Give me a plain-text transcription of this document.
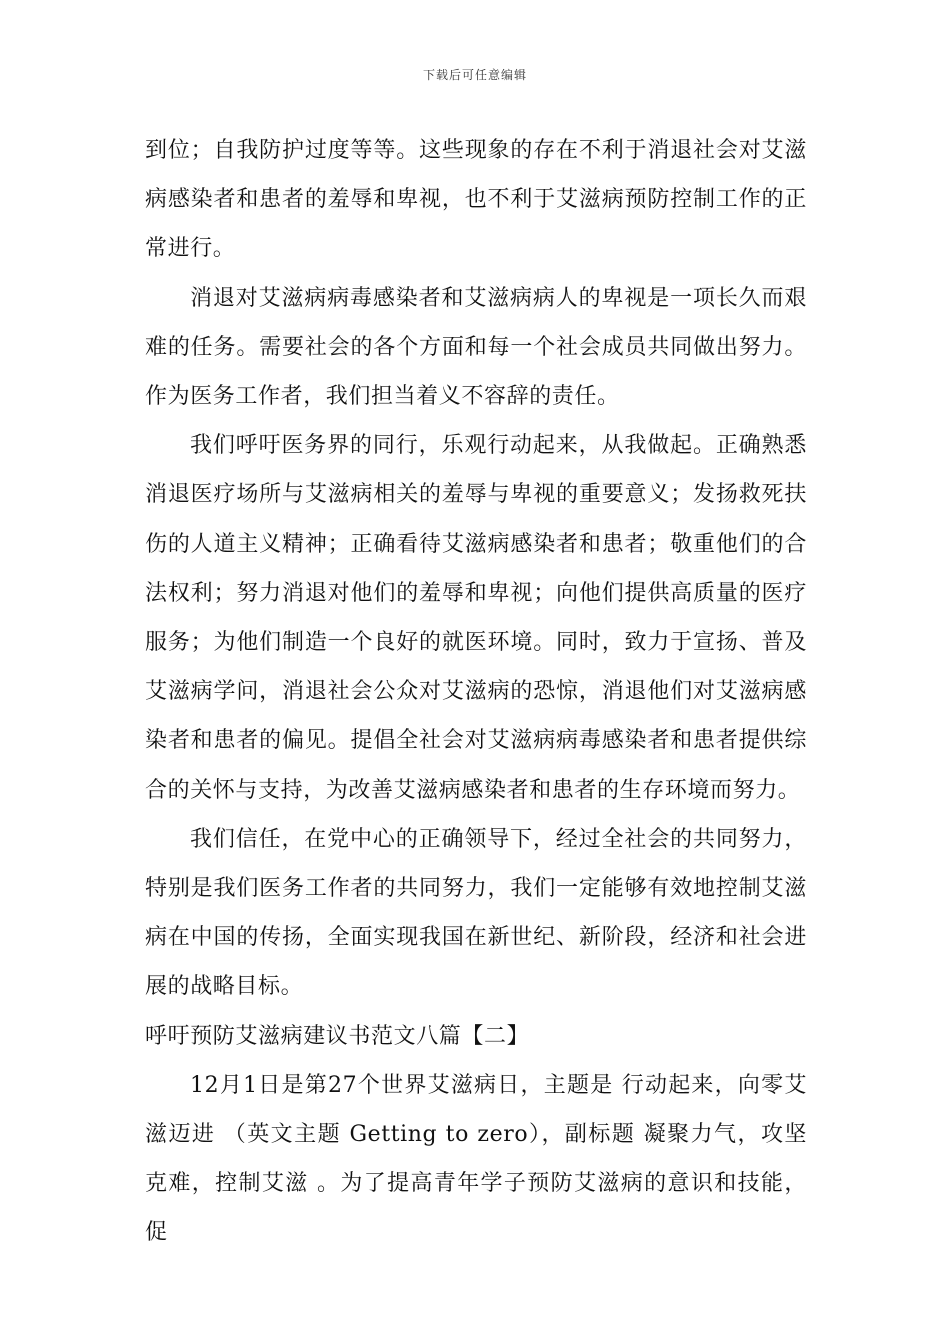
下载后可任意编辑

到位；自我防护过度等等。这些现象的存在不利于消退社会对艾滋病感染者和患者的羞辱和卑视，也不利于艾滋病预防控制工作的正常进行。

消退对艾滋病病毒感染者和艾滋病病人的卑视是一项长久而艰难的任务。需要社会的各个方面和每一个社会成员共同做出努力。作为医务工作者，我们担当着义不容辞的责任。

我们呼吁医务界的同行，乐观行动起来，从我做起。正确熟悉消退医疗场所与艾滋病相关的羞辱与卑视的重要意义；发扬救死扶伤的人道主义精神；正确看待艾滋病感染者和患者；敬重他们的合法权利；努力消退对他们的羞辱和卑视；向他们提供高质量的医疗服务；为他们制造一个良好的就医环境。同时，致力于宣扬、普及艾滋病学问，消退社会公众对艾滋病的恐惊，消退他们对艾滋病感染者和患者的偏见。提倡全社会对艾滋病病毒感染者和患者提供综合的关怀与支持，为改善艾滋病感染者和患者的生存环境而努力。

我们信任，在党中心的正确领导下，经过全社会的共同努力，特别是我们医务工作者的共同努力，我们一定能够有效地控制艾滋病在中国的传扬，全面实现我国在新世纪、新阶段，经济和社会进展的战略目标。

呼吁预防艾滋病建议书范文八篇【二】

12月1日是第27个世界艾滋病日，主题是 行动起来，向零艾滋迈进 （英文主题 Getting to zero），副标题 凝聚力气，攻坚克难，控制艾滋 。为了提高青年学子预防艾滋病的意识和技能，促
